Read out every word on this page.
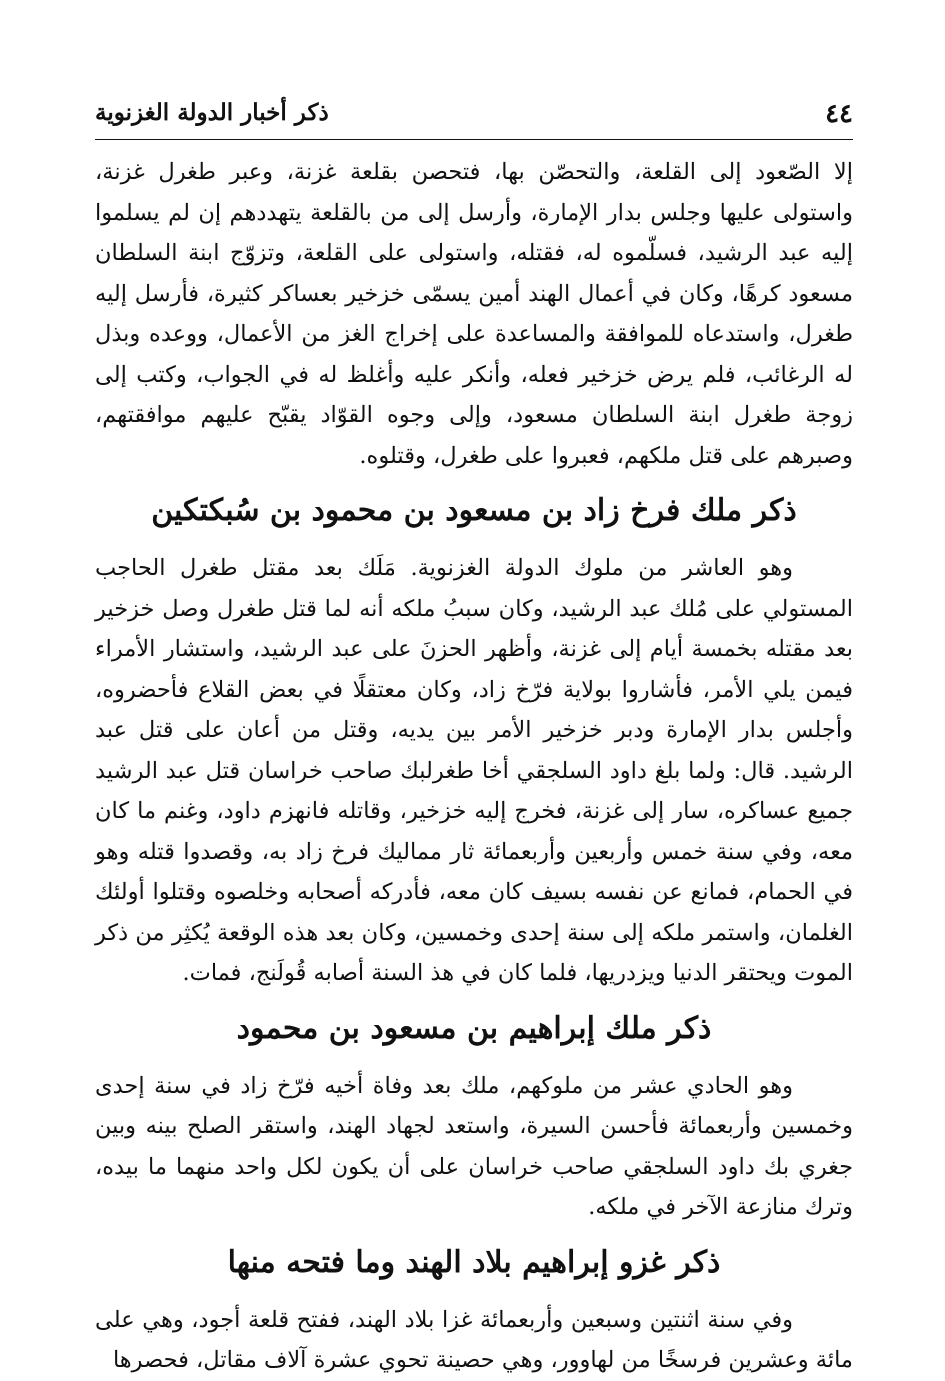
٤٤
ذكر أخبار الدولة الغزنوية

إلا الصّعود إلى القلعة، والتحصّن بها، فتحصن بقلعة غزنة، وعبر طغرل غزنة، واستولى عليها وجلس بدار الإمارة، وأرسل إلى من بالقلعة يتهددهم إن لم يسلموا إليه عبد الرشيد، فسلّموه له، فقتله، واستولى على القلعة، وتزوّج ابنة السلطان مسعود كرهًا، وكان في أعمال الهند أمين يسمّى خزخير بعساكر كثيرة، فأرسل إليه طغرل، واستدعاه للموافقة والمساعدة على إخراج الغز من الأعمال، ووعده وبذل له الرغائب، فلم يرض خزخير فعله، وأنكر عليه وأغلظ له في الجواب، وكتب إلى زوجة طغرل ابنة السلطان مسعود، وإلى وجوه القوّاد يقبّح عليهم موافقتهم، وصبرهم على قتل ملكهم، فعبروا على طغرل، وقتلوه.

ذكر ملك فرخ زاد بن مسعود بن محمود بن سُبكتكين

وهو العاشر من ملوك الدولة الغزنوية. مَلَك بعد مقتل طغرل الحاجب المستولي على مُلك عبد الرشيد، وكان سببُ ملكه أنه لما قتل طغرل وصل خزخير بعد مقتله بخمسة أيام إلى غزنة، وأظهر الحزنَ على عبد الرشيد، واستشار الأمراء فيمن يلي الأمر، فأشاروا بولاية فرّخ زاد، وكان معتقلًا في بعض القلاع فأحضروه، وأجلس بدار الإمارة ودبر خزخير الأمر بين يديه، وقتل من أعان على قتل عبد الرشيد. قال: ولما بلغ داود السلجقي أخا طغرلبك صاحب خراسان قتل عبد الرشيد جميع عساكره، سار إلى غزنة، فخرج إليه خزخير، وقاتله فانهزم داود، وغنم ما كان معه، وفي سنة خمس وأربعين وأربعمائة ثار مماليك فرخ زاد به، وقصدوا قتله وهو في الحمام، فمانع عن نفسه بسيف كان معه، فأدركه أصحابه وخلصوه وقتلوا أولئك الغلمان، واستمر ملكه إلى سنة إحدى وخمسين، وكان بعد هذه الوقعة يُكثِر من ذكر الموت ويحتقر الدنيا ويزدريها، فلما كان في هذ السنة أصابه قُولَنج، فمات.

ذكر ملك إبراهيم بن مسعود بن محمود

وهو الحادي عشر من ملوكهم، ملك بعد وفاة أخيه فرّخ زاد في سنة إحدى وخمسين وأربعمائة فأحسن السيرة، واستعد لجهاد الهند، واستقر الصلح بينه وبين جغري بك داود السلجقي صاحب خراسان على أن يكون لكل واحد منهما ما بيده، وترك منازعة الآخر في ملكه.

ذكر غزو إبراهيم بلاد الهند وما فتحه منها

وفي سنة اثنتين وسبعين وأربعمائة غزا بلاد الهند، ففتح قلعة أجود، وهي على مائة وعشرين فرسخًا من لهاوور، وهي حصينة تحوي عشرة آلاف مقاتل، فحصرها
